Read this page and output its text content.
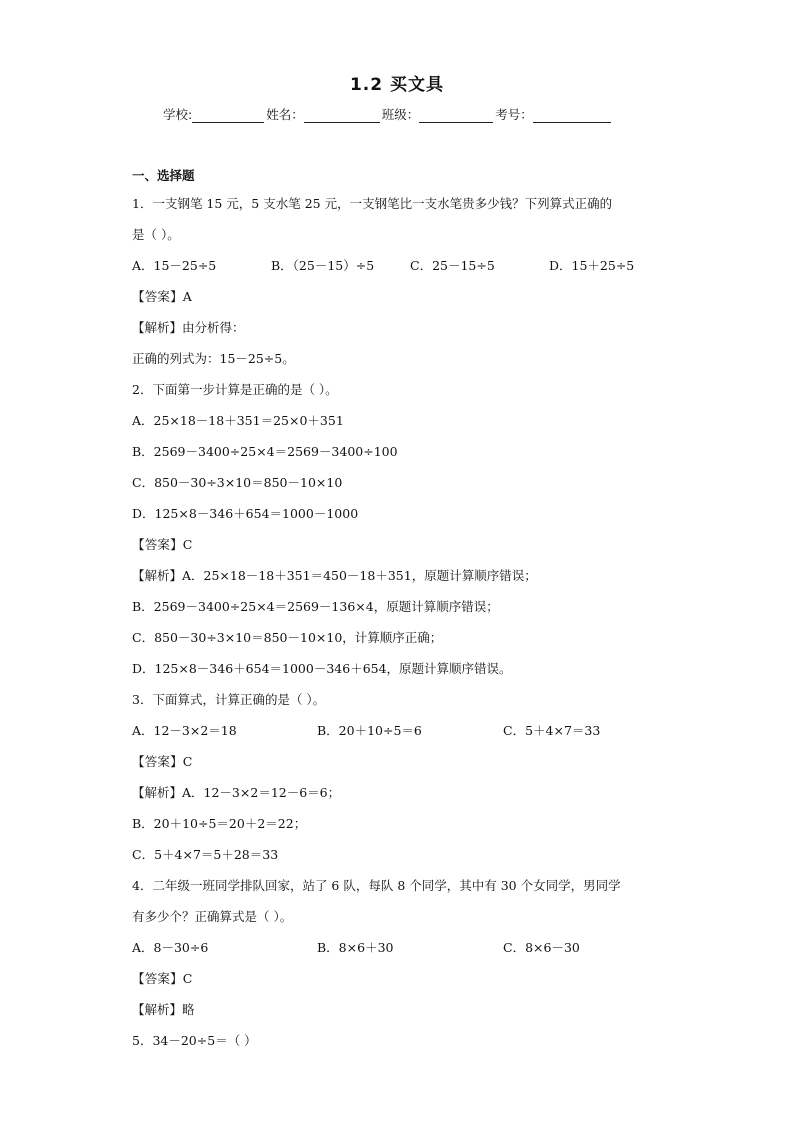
1.2 买文具
学校:	姓名：	班级：	考号：
一、选择题
1．一支钢笔 15 元，5 支水笔 25 元，一支钢笔比一支水笔贵多少钱？下列算式正确的
是（ ）。
A．15－25÷5	B．（25－15）÷5	C．25－15÷5	D．15＋25÷5
【答案】A
【解析】由分析得：
正确的列式为：15－25÷5。
2．下面第一步计算是正确的是（ ）。
A．25×18－18＋351＝25×0＋351
B．2569－3400÷25×4＝2569－3400÷100
C．850－30÷3×10＝850－10×10
D．125×8－346＋654＝1000－1000
【答案】C
【解析】A．25×18－18＋351＝450－18＋351，原题计算顺序错误；
B．2569－3400÷25×4＝2569－136×4，原题计算顺序错误；
C．850－30÷3×10＝850－10×10，计算顺序正确；
D．125×8－346＋654＝1000－346＋654，原题计算顺序错误。
3．下面算式，计算正确的是（ ）。
A．12－3×2＝18	B．20＋10÷5＝6	C．5＋4×7＝33
【答案】C
【解析】A．12－3×2＝12－6＝6；
B．20＋10÷5＝20＋2＝22；
C．5＋4×7＝5＋28＝33
4．二年级一班同学排队回家，站了 6 队，每队 8 个同学，其中有 30 个女同学，男同学
有多少个？正确算式是（ ）。
A．8－30÷6	B．8×6＋30	C．8×6－30
【答案】C
【解析】略
5．34－20÷5＝（ ）
